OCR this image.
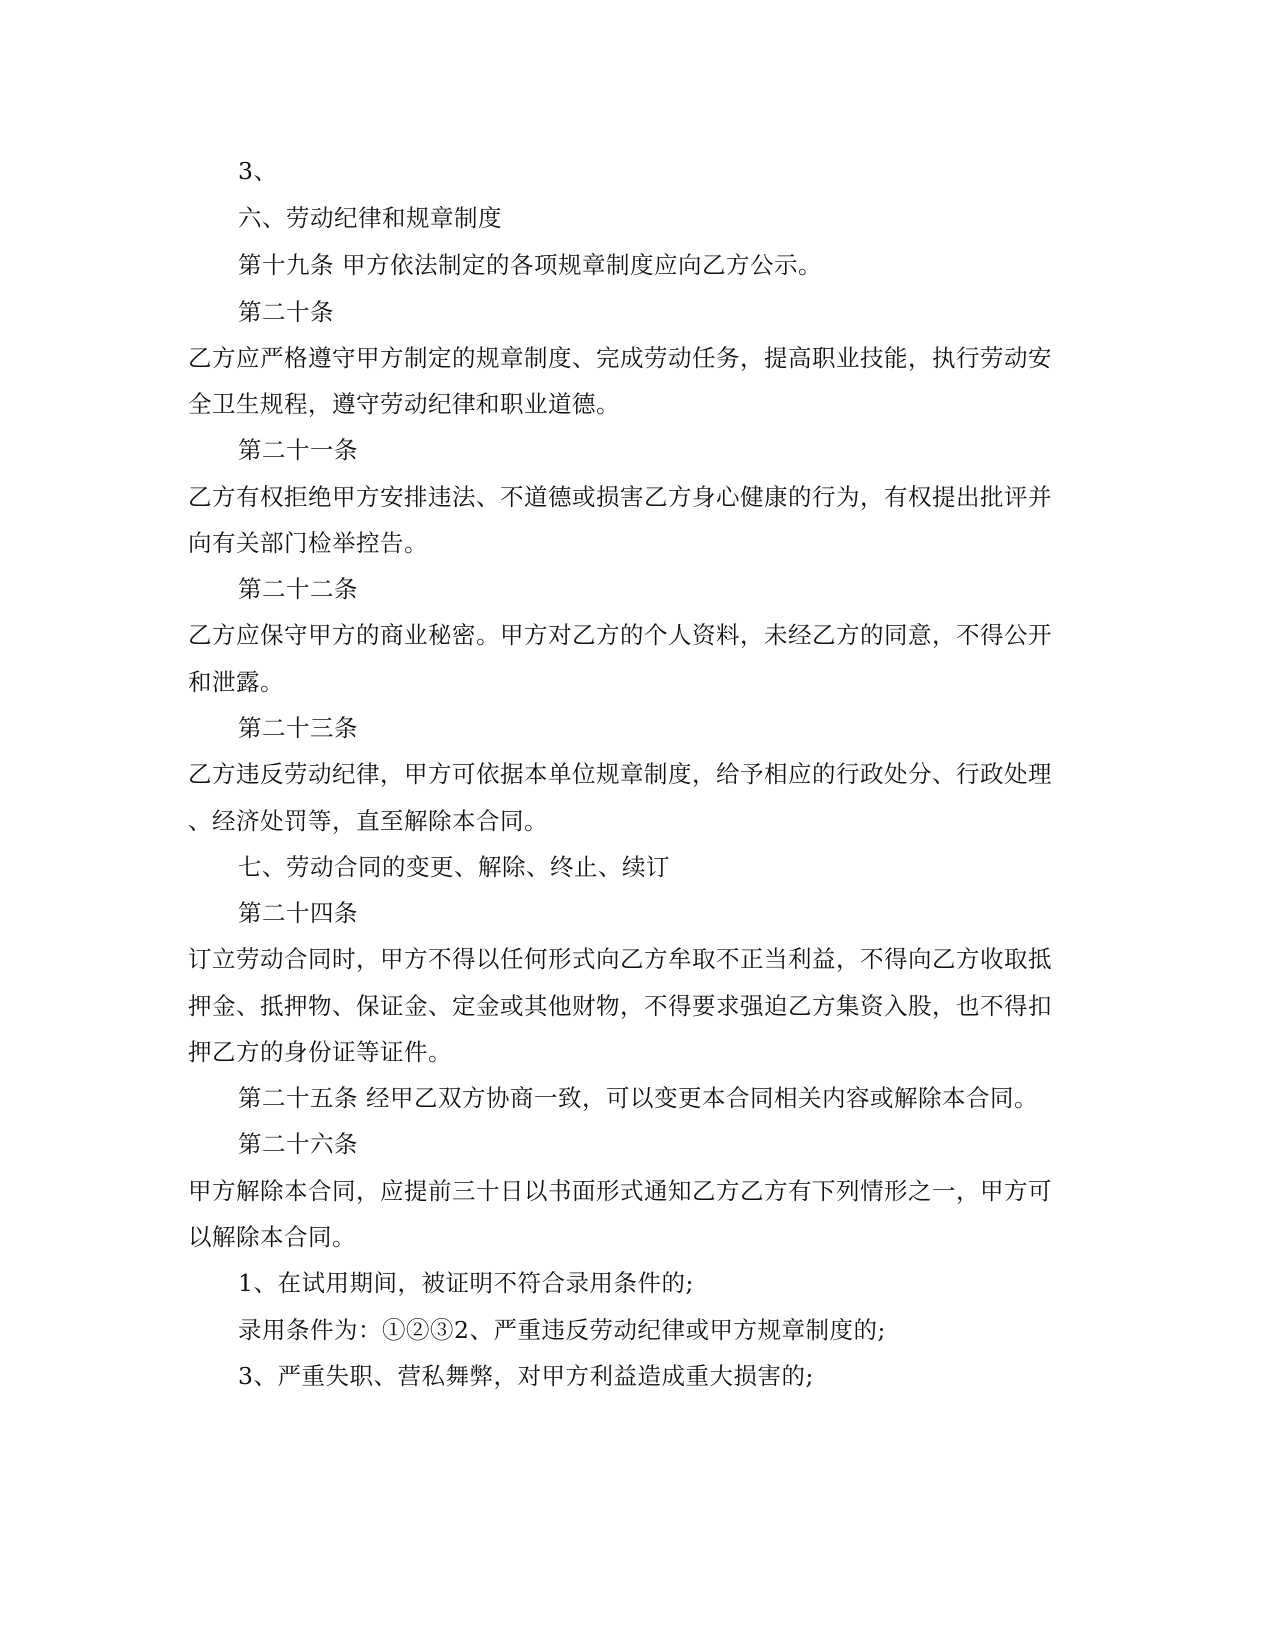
3、
六、劳动纪律和规章制度
第十九条 甲方依法制定的各项规章制度应向乙方公示。
第二十条
乙方应严格遵守甲方制定的规章制度、完成劳动任务，提高职业技能，执行劳动安
全卫生规程，遵守劳动纪律和职业道德。
第二十一条
乙方有权拒绝甲方安排违法、不道德或损害乙方身心健康的行为，有权提出批评并
向有关部门检举控告。
第二十二条
乙方应保守甲方的商业秘密。甲方对乙方的个人资料，未经乙方的同意，不得公开
和泄露。
第二十三条
乙方违反劳动纪律，甲方可依据本单位规章制度，给予相应的行政处分、行政处理
、经济处罚等，直至解除本合同。
七、劳动合同的变更、解除、终止、续订
第二十四条
订立劳动合同时，甲方不得以任何形式向乙方牟取不正当利益，不得向乙方收取抵
押金、抵押物、保证金、定金或其他财物，不得要求强迫乙方集资入股，也不得扣
押乙方的身份证等证件。
第二十五条 经甲乙双方协商一致，可以变更本合同相关内容或解除本合同。
第二十六条
甲方解除本合同，应提前三十日以书面形式通知乙方乙方有下列情形之一，甲方可
以解除本合同。
1、在试用期间，被证明不符合录用条件的;
录用条件为：①②③2、严重违反劳动纪律或甲方规章制度的;
3、严重失职、营私舞弊，对甲方利益造成重大损害的;
